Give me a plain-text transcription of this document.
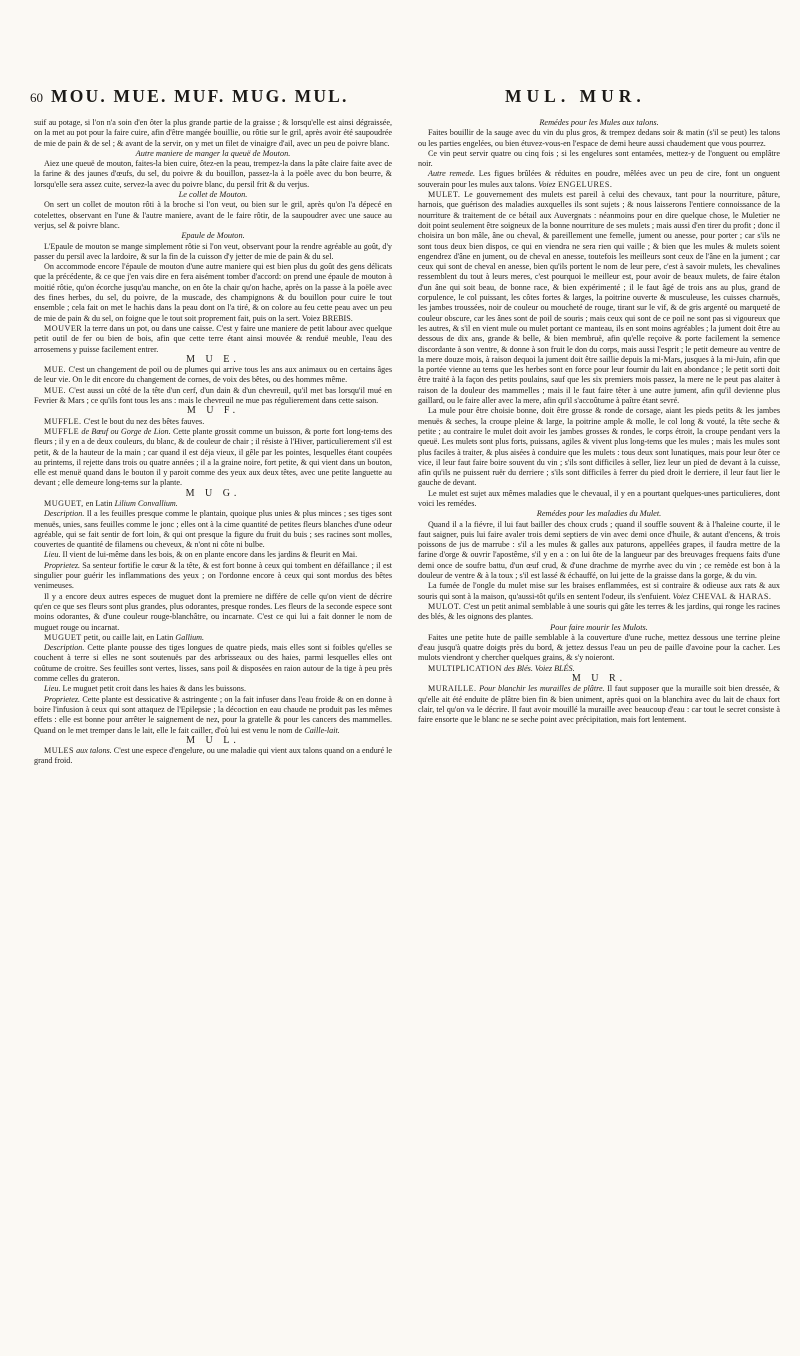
60 MOU. MUE. MUF. MUG. MUL.	MUL. MUR.

suif au potage, si l'on n'a soin d'en ôter la plus grande partie de la graisse ; & lorsqu'elle est ainsi dégraissée, on la met au pot pour la faire cuire, afin d'être mangée bouillie, ou rôtie sur le gril, après avoir été saupoudrée de mie de pain & de sel ; & avant de la servir, on y met un filet de vinaigre d'ail, avec un peu de poivre blanc.

Autre maniere de manger la queuë de Mouton.

Aiez une queuë de mouton, faites-la bien cuire, ôtez-en la peau, trempez-la dans la pâte claire faite avec de la farine & des jaunes d'œufs, du sel, du poivre & du bouillon, passez-la à la poële avec du bon beurre, & lorsqu'elle sera assez cuite, servez-la avec du poivre blanc, du persil frit & du verjus.

Le collet de Mouton.

On sert un collet de mouton rôti à la broche si l'on veut, ou bien sur le gril, après qu'on l'a dépecé en cotelettes, observant en l'une & l'autre maniere, avant de le faire rôtir, de la saupoudrer avec une sauce au verjus, sel & poivre blanc.

Epaule de Mouton.

L'Epaule de mouton se mange simplement rôtie si l'on veut, observant pour la rendre agréable au goût, d'y passer du persil avec la lardoire, & sur la fin de la cuisson d'y jetter de mie de pain & du sel.

On accommode encore l'épaule de mouton d'une autre maniere qui est bien plus du goût des gens délicats que la précédente, & ce que j'en vais dire en fera aisément tomber d'accord: on prend une épaule de mouton à moitié rôtie, qu'on écorche jusqu'au manche, on en ôte la chair qu'on hache, après on la passe à la poële avec des fines herbes, du sel, du poivre, de la muscade, des champignons & du bouillon pour cuire le tout ensemble ; cela fait on met le hachis dans la peau dont on l'a tiré, & on colore au feu cette peau avec un peu de mie de pain & du sel, on foigne que le tout soit proprement fait, puis on la sert. Voiez BREBIS.

MOUVER la terre dans un pot, ou dans une caisse. C'est y faire une maniere de petit labour avec quelque petit outil de fer ou bien de bois, afin que cette terre étant ainsi mouvée & renduë meuble, l'eau des arrosemens y puisse facilement entrer.

M U E.

MUE. C'est un changement de poil ou de plumes qui arrive tous les ans aux animaux ou en certains âges de leur vie. On le dit encore du changement de cornes, de voix des bêtes, ou des hommes même.

MUE. C'est aussi un côté de la tête d'un cerf, d'un dain & d'un chevreuil, qu'il met bas lorsqu'il mué en Fevrier & Mars ; ce qu'ils font tous les ans : mais le chevreuil ne mue pas régulierement dans cette saison.

M U F.

MUFFLE. C'est le bout du nez des bêtes fauves.

MUFFLE de Bœuf ou Gorge de Lion. Cette plante grossit comme un buisson, & porte fort long-tems des fleurs ; il y en a de deux couleurs, du blanc, & de couleur de chair ; il résiste à l'Hiver, particulierement s'il est petit, & de la hauteur de la main ; car quand il est déja vieux, il gêle par les pointes, lesquelles étant coupées au printems, il rejette dans trois ou quatre années ; il a la graine noire, fort petite, & qui vient dans un bouton, elle est menuë quand dans le bouton il y paroit comme des yeux aux deux têtes, avec une petite languette au devant ; elle demeure long-tems sur la plante.

M U G.

MUGUET, en Latin Lilium Convallium.

Description. Il a les feuilles presque comme le plantain, quoique plus unies & plus minces ; ses tiges sont menuës, unies, sans feuilles comme le jonc ; elles ont à la cime quantité de petites fleurs blanches d'une odeur agréable, qui se fait sentir de fort loin, & qui ont presque la figure du fruit du buis ; ses racines sont molles, couvertes de quantité de filamens ou cheveux, & n'ont ni côte ni bulbe.

Lieu. Il vient de lui-même dans les bois, & on en plante encore dans les jardins & fleurit en Mai.

Proprietez. Sa senteur fortifie le cœur & la tête, & est fort bonne à ceux qui tombent en défaillance ; il est singulier pour guérir les inflammations des yeux ; on l'ordonne encore à ceux qui sont mordus des bêtes venimeuses.

Il y a encore deux autres especes de muguet dont la premiere ne différe de celle qu'on vient de décrire qu'en ce que ses fleurs sont plus grandes, plus odorantes, presque rondes. Les fleurs de la seconde espece sont moins odorantes, & d'une couleur rouge-blanchâtre, ou incarnate. C'est ce qui lui a fait donner le nom de muguet rouge ou incarnat.

MUGUET petit, ou caille lait, en Latin Gallium.

Description. Cette plante pousse des tiges longues de quatre pieds, mais elles sont si foibles qu'elles se couchent à terre si elles ne sont soutenuës par des arbrisseaux ou des haies, parmi lesquelles elles ont coûtume de croitre. Ses feuilles sont vertes, lisses, sans poil & disposées en raion autour de la tige à peu près comme celles du grateron.

Lieu. Le muguet petit croit dans les haies & dans les buissons.

Proprietez. Cette plante est dessicative & astringente ; on la fait infuser dans l'eau froide & on en donne à boire l'infusion à ceux qui sont attaquez de l'Epilepsie ; la décoction en eau chaude ne produit pas les mêmes effets : elle est bonne pour arrêter le saignement de nez, pour la gratelle & pour les cancers des mammelles. Quand on le met tremper dans le lait, elle le fait cailler, d'où lui est venu le nom de Caille-lait.

M U L.

MULES aux talons. C'est une espece d'engelure, ou une maladie qui vient aux talons quand on a enduré le grand froid.

Remédes pour les Mules aux talons.

Faites bouillir de la sauge avec du vin du plus gros, & trempez dedans soir & matin (s'il se peut) les talons ou les parties engelées, ou bien étuvez-vous-en l'espace de demi heure aussi chaudement que vous pourrez.

Ce vin peut servir quatre ou cinq fois ; si les engelures sont entamées, mettez-y de l'onguent ou emplâtre noir.

Autre remede. Les figues brûlées & réduites en poudre, mêlées avec un peu de cire, font un onguent souverain pour les mules aux talons. Voiez ENGELURES.

MULET. Le gouvernement des mulets est pareil à celui des chevaux, tant pour la nourriture, pâture, harnois, que guérison des maladies auxquelles ils sont sujets ; & nous laisserons l'entiere connoissance de la nourriture & traitement de ce bétail aux Auvergnats : néanmoins pour en dire quelque chose, le Muletier ne doit point seulement être soigneux de la bonne nourriture de ses mulets ; mais aussi d'en tirer du profit ; donc il choisira un bon mâle, âne ou cheval, & pareillement une femelle, jument ou anesse, pour porter ; car s'ils ne sont tous deux bien dispos, ce qui en viendra ne sera rien qui vaille ; & bien que les mules & mulets soient engendrez d'âne en jument, ou de cheval en anesse, toutefois les meilleurs sont ceux de l'âne en la jument ; car ceux qui sont de cheval en anesse, bien qu'ils portent le nom de leur pere, c'est à savoir mulets, les chevalines ressemblent du tout à leurs meres, c'est pourquoi le meilleur est, pour avoir de beaux mulets, de faire étalon d'un âne qui soit beau, de bonne race, & bien expérimenté ; il le faut âgé de trois ans au plus, grand de corpulence, le col puissant, les côtes fortes & larges, la poitrine ouverte & musculeuse, les cuisses charnuës, les jambes troussées, noir de couleur ou moucheté de rouge, tirant sur le vif, & de gris argenté ou marqueté de couleur obscure, car les ânes sont de poil de souris ; mais ceux qui sont de ce poil ne sont pas si vigoureux que les autres, & s'il en vient mule ou mulet portant ce manteau, ils en sont moins agréables ; la jument doit être au dessous de dix ans, grande & belle, & bien membruë, afin qu'elle reçoive & porte facilement la semence discordante à son ventre, & donne à son fruit le don du corps, mais aussi l'esprit ; le petit demeure au ventre de la mere douze mois, à raison dequoi la jument doit être saillie depuis la mi-Mars, jusques à la mi-Juin, afin que la portée vienne au tems que les herbes sont en force pour leur fournir du lait en abondance ; le petit sorti doit être traité à la façon des petits poulains, sauf que les six premiers mois passez, la mere ne le peut pas alaiter à raison de la douleur des mammelles ; mais il le faut faire têter à une autre jument, afin qu'il devienne plus gaillard, ou le faire aller avec la mere, afin qu'il s'accoûtume à paître étant sevré.

La mule pour être choisie bonne, doit être grosse & ronde de corsage, aiant les pieds petits & les jambes menuës & seches, la croupe pleine & large, la poitrine ample & molle, le col long & vouté, la tête seche & petite ; au contraire le mulet doit avoir les jambes grosses & rondes, le corps étroit, la croupe pendant vers la queuë. Les mulets sont plus forts, puissans, agiles & vivent plus long-tems que les mules ; mais les mules sont plus faciles à traiter, & plus aisées à conduire que les mulets : tous deux sont lunatiques, mais pour leur ôter ce vice, il leur faut faire boire souvent du vin ; s'ils sont difficiles à seller, liez leur un pied de devant à la cuisse, afin qu'ils ne puissent ruër du derriere ; s'ils sont difficiles à ferrer du pied droit le derriere, il leur faut lier le gauche de devant.

Le mulet est sujet aux mêmes maladies que le chevaual, il y en a pourtant quelques-unes particulieres, dont voici les remédes.

Remédes pour les maladies du Mulet.

Quand il a la fiévre, il lui faut bailler des choux cruds ; quand il souffle souvent & à l'haleine courte, il le faut saigner, puis lui faire avaler trois demi septiers de vin avec demi once d'huile, & autant d'encens, & trois poissons de jus de marrube : s'il a les mules & galles aux paturons, appellées grapes, il faudra mettre de la farine d'orge & ouvrir l'apostême, s'il y en a : on lui ôte de la langueur par des breuvages frequens faits d'une demi once de soufre battu, d'un œuf crud, & d'une drachme de myrrhe avec du vin ; ce remède est bon à la douleur de ventre & à la toux ; s'il est lassé & échauffé, on lui jette de la graisse dans la gorge, & du vin.

La fumée de l'ongle du mulet mise sur les braises enflammées, est si contraire & odieuse aux rats & aux souris qui sont à la maison, qu'aussi-tôt qu'ils en sentent l'odeur, ils s'enfuient. Voiez CHEVAL & HARAS.

MULOT. C'est un petit animal semblable à une souris qui gâte les terres & les jardins, qui ronge les racines des blés, & les oignons des plantes.

Pour faire mourir les Mulots.

Faites une petite hute de paille semblable à la couverture d'une ruche, mettez dessous une terrine pleine d'eau jusqu'à quatre doigts près du bord, & jettez dessus l'eau un peu de paille d'avoine pour la cacher. Les mulots viendront y chercher quelques grains, & s'y noieront.

MULTIPLICATION des Blés. Voiez BLÉS.

M U R.

MURAILLE. Pour blanchir les murailles de plâtre. Il faut supposer que la muraille soit bien dressée, & qu'elle ait été enduite de plâtre bien fin & bien uniment, après quoi on la blanchira avec du lait de chaux fort clair, tel qu'on va le décrire. Il faut avoir mouillé la muraille avec beaucoup d'eau : car tout le secret consiste à faire ensorte que le blanc ne se seche point avec précipitation, mais fort lentement.
